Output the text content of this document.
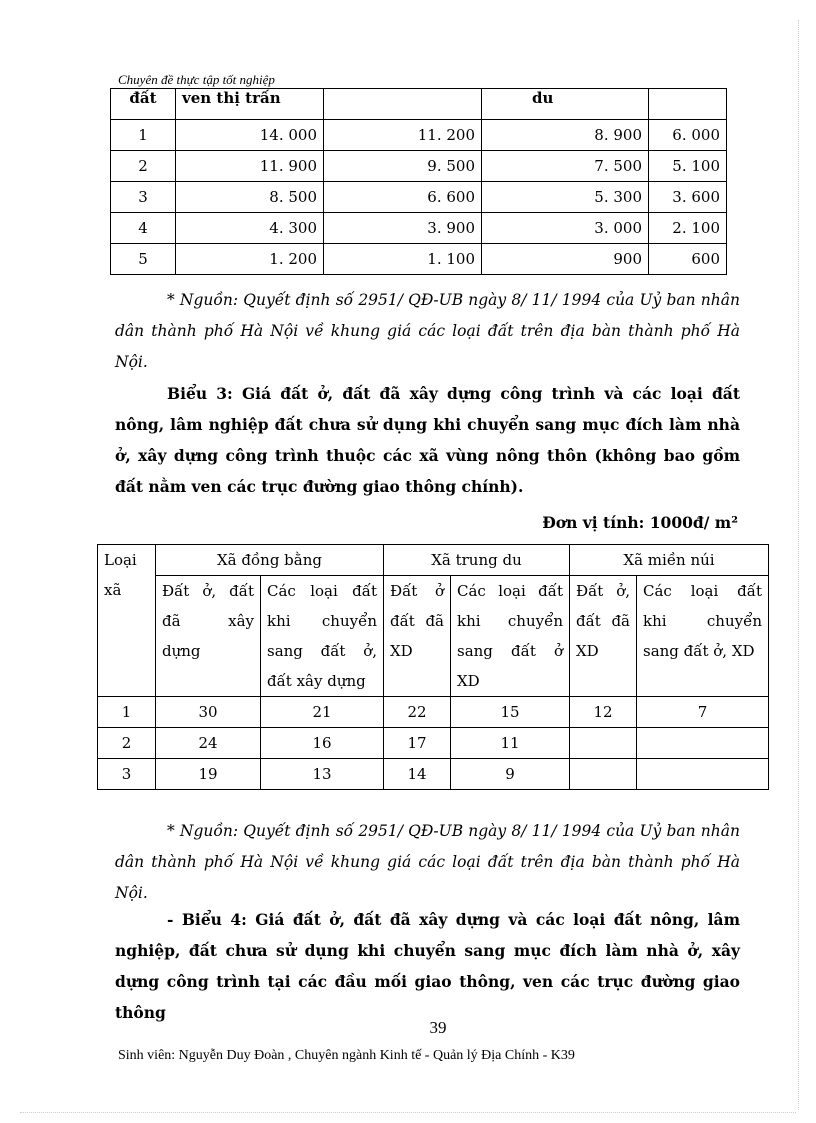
Chuyên đề thực tập tốt nghiệp
đất	ven thị trấn		du	
1	14. 000	11. 200	8. 900	6. 000
2	11. 900	9. 500	7. 500	5. 100
3	8. 500	6. 600	5. 300	3. 600
4	4. 300	3. 900	3. 000	2. 100
5	1. 200	1. 100	900	600

* Nguồn: Quyết định số 2951/ QĐ-UB ngày 8/ 11/ 1994 của Uỷ ban nhân dân thành phố Hà Nội về khung giá các loại đất trên địa bàn thành phố Hà Nội.

Biểu 3: Giá đất ở, đất đã xây dựng công trình và các loại đất nông, lâm nghiệp đất chưa sử dụng khi chuyển sang mục đích làm nhà ở, xây dựng công trình thuộc các xã vùng nông thôn (không bao gồm đất nằm ven các trục đường giao thông chính).

Đơn vị tính: 1000đ/ m²
Loại xã	Xã đồng bằng		Xã trung du		Xã miền núi	
	Đất ở, đất đã xây dựng	Các loại đất khi chuyển sang đất ở, đất xây dựng	Đất ở đất đã XD	Các loại đất khi chuyển sang đất ở XD	Đất ở, đất đã XD	Các loại đất khi chuyển sang đất ở, XD
1	30	21	22	15	12	7
2	24	16	17	11		
3	19	13	14	9		

* Nguồn: Quyết định số 2951/ QĐ-UB ngày 8/ 11/ 1994 của Uỷ ban nhân dân thành phố Hà Nội về khung giá các loại đất trên địa bàn thành phố Hà Nội.

- Biểu 4: Giá đất ở, đất đã xây dựng và các loại đất nông, lâm nghiệp, đất chưa sử dụng khi chuyển sang mục đích làm nhà ở, xây dựng công trình tại các đầu mối giao thông, ven các trục đường giao thông

39
Sinh viên: Nguyễn Duy Đoàn , Chuyên ngành Kinh tế - Quản lý Địa Chính - K39
